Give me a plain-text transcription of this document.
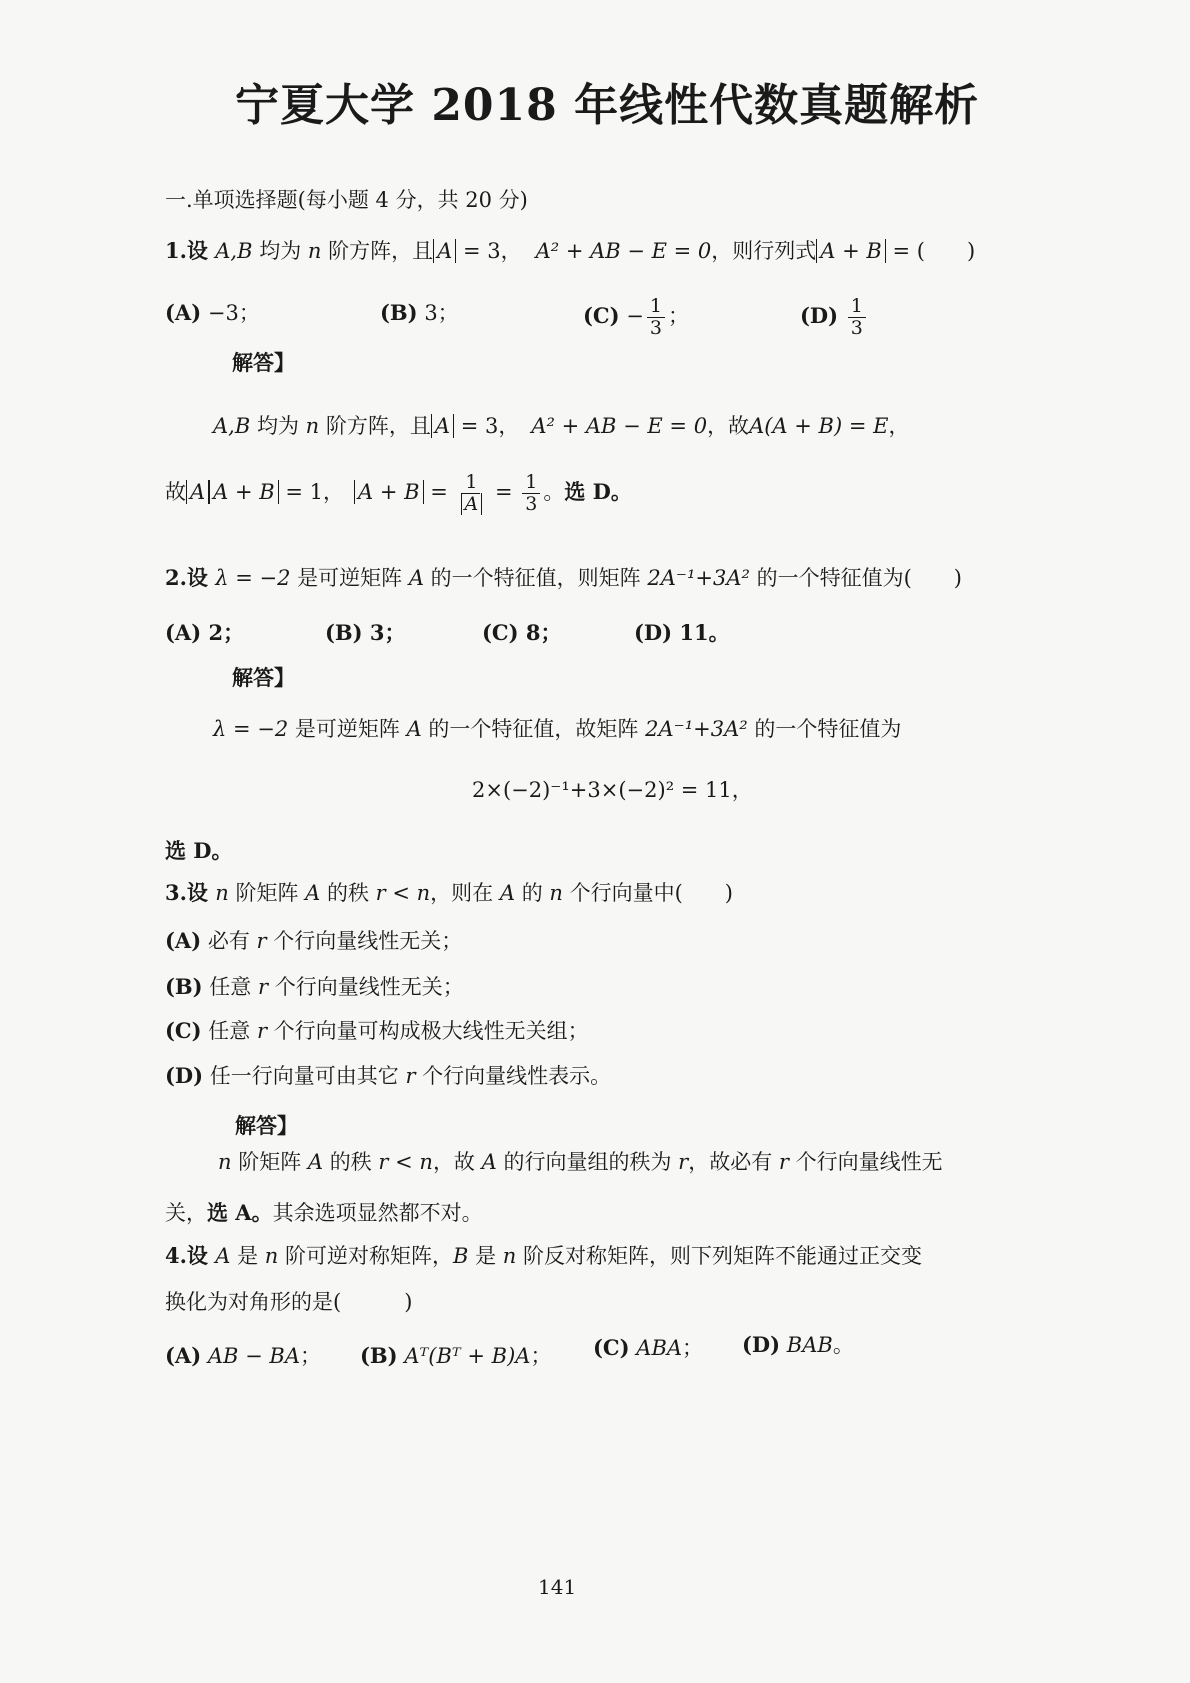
宁夏大学 2018 年线性代数真题解析
一.单项选择题(每小题 4 分，共 20 分)
1.设 A,B 均为 n 阶方阵，且 A = 3， A² + AB − E = 0，则行列式 A + B = (　　)
(A) −3；	(B) 3；	$(C) - \frac{1}{3}$ ；	$(D) \frac{1}{3}$
解答】
A,B 均为 n 阶方阵，且 A = 3， A² + AB − E = 0，故A(A + B) = E，
故 A A + B = 1， $A + B = \frac{1}{A} = \frac{1}{3}$ 。选 D。
2.设 λ = −2 是可逆矩阵 A 的一个特征值，则矩阵 2A⁻¹+3A² 的一个特征值为(　　)
(A) 2；	(B) 3；	(C) 8；	(D) 11。
解答】
λ = −2 是可逆矩阵 A 的一个特征值，故矩阵 2A⁻¹+3A² 的一个特征值为
2×(−2)⁻¹+3×(−2)² = 11，
选 D。
3.设 n 阶矩阵 A 的秩 r < n，则在 A 的 n 个行向量中(　　)
(A) 必有 r 个行向量线性无关；
(B) 任意 r 个行向量线性无关；
(C) 任意 r 个行向量可构成极大线性无关组；
(D) 任一行向量可由其它 r 个行向量线性表示。
解答】
n 阶矩阵 A 的秩 r < n，故 A 的行向量组的秩为 r，故必有 r 个行向量线性无
关，选 A。其余选项显然都不对。
4.设 A 是 n 阶可逆对称矩阵，B 是 n 阶反对称矩阵，则下列矩阵不能通过正交变
换化为对角形的是(　　　)
(A) AB − BA； (B) Aᵀ(Bᵀ + B)A； (C) ABA； (D) BAB。
141
